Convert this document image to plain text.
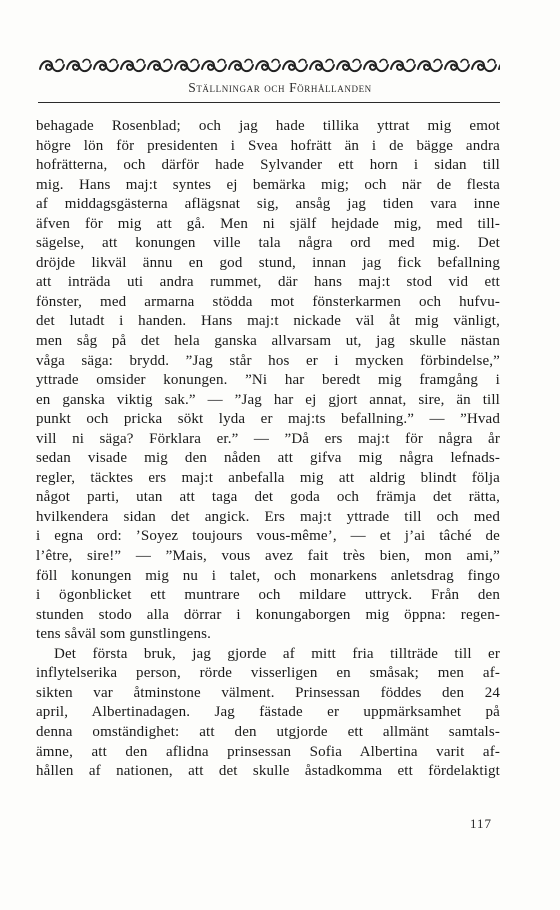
Ställningar och Förhållanden
behagade Rosenblad; och jag hade tillika yttrat mig emot
högre lön för presidenten i Svea hofrätt än i de bägge andra
hofrätterna, och därför hade Sylvander ett horn i sidan till
mig. Hans maj:t syntes ej bemärka mig; och när de flesta
af middagsgästerna aflägsnat sig, ansåg jag tiden vara inne
äfven för mig att gå. Men ni själf hejdade mig, med till-
sägelse, att konungen ville tala några ord med mig. Det
dröjde likväl ännu en god stund, innan jag fick befallning
att inträda uti andra rummet, där hans maj:t stod vid ett
fönster, med armarna stödda mot fönsterkarmen och hufvu-
det lutadt i handen. Hans maj:t nickade väl åt mig vänligt,
men såg på det hela ganska allvarsam ut, jag skulle nästan
våga säga: brydd. ”Jag står hos er i mycken förbindelse,”
yttrade omsider konungen. ”Ni har beredt mig framgång i
en ganska viktig sak.” — ”Jag har ej gjort annat, sire, än till
punkt och pricka sökt lyda er maj:ts befallning.” — ”Hvad
vill ni säga? Förklara er.” — ”Då ers maj:t för några år
sedan visade mig den nåden att gifva mig några lefnads-
regler, täcktes ers maj:t anbefalla mig att aldrig blindt följa
något parti, utan att taga det goda och främja det rätta,
hvilkendera sidan det angick. Ers maj:t yttrade till och med
i egna ord: ’Soyez toujours vous-même’, — et j’ai tâché de
l’être, sire!” — ”Mais, vous avez fait très bien, mon ami,”
föll konungen mig nu i talet, och monarkens anletsdrag fingo
i ögonblicket ett muntrare och mildare uttryck. Från den
stunden stodo alla dörrar i konungaborgen mig öppna: regen-
tens såväl som gunstlingens.
Det första bruk, jag gjorde af mitt fria tillträde till er
inflytelserika person, rörde visserligen en småsak; men af-
sikten var åtminstone välment. Prinsessan föddes den 24
april, Albertinadagen. Jag fästade er uppmärksamhet på
denna omständighet: att den utgjorde ett allmänt samtals-
ämne, att den aflidna prinsessan Sofia Albertina varit af-
hållen af nationen, att det skulle åstadkomma ett fördelaktigt
117
